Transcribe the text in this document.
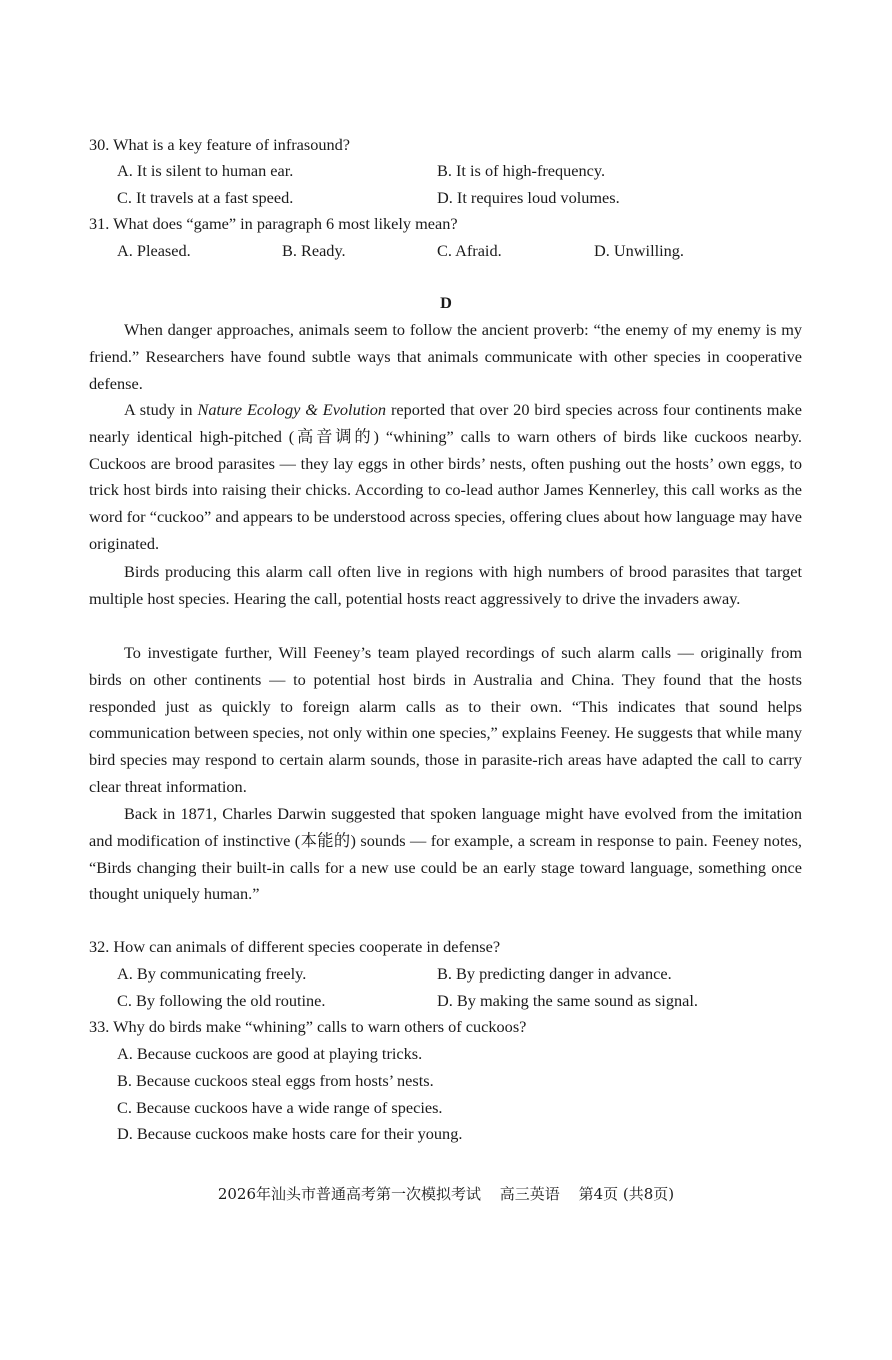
30. What is a key feature of infrasound?
A. It is silent to human ear.	B. It is of high-frequency.
C. It travels at a fast speed.	D. It requires loud volumes.
31. What does “game” in paragraph 6 most likely mean?
A. Pleased.	B. Ready.	C. Afraid.	D. Unwilling.
D
When danger approaches, animals seem to follow the ancient proverb: “the enemy of my enemy is my friend.” Researchers have found subtle ways that animals communicate with other species in cooperative defense.
A study in Nature Ecology & Evolution reported that over 20 bird species across four continents make nearly identical high-pitched (高音调的) “whining” calls to warn others of birds like cuckoos nearby. Cuckoos are brood parasites — they lay eggs in other birds’ nests, often pushing out the hosts’ own eggs, to trick host birds into raising their chicks. According to co-lead author James Kennerley, this call works as the word for “cuckoo” and appears to be understood across species, offering clues about how language may have originated.
Birds producing this alarm call often live in regions with high numbers of brood parasites that target multiple host species. Hearing the call, potential hosts react aggressively to drive the invaders away.
To investigate further, Will Feeney’s team played recordings of such alarm calls — originally from birds on other continents — to potential host birds in Australia and China. They found that the hosts responded just as quickly to foreign alarm calls as to their own. “This indicates that sound helps communication between species, not only within one species,” explains Feeney. He suggests that while many bird species may respond to certain alarm sounds, those in parasite-rich areas have adapted the call to carry clear threat information.
Back in 1871, Charles Darwin suggested that spoken language might have evolved from the imitation and modification of instinctive (本能的) sounds — for example, a scream in response to pain. Feeney notes, “Birds changing their built-in calls for a new use could be an early stage toward language, something once thought uniquely human.”
32. How can animals of different species cooperate in defense?
A. By communicating freely.	B. By predicting danger in advance.
C. By following the old routine.	D. By making the same sound as signal.
33. Why do birds make “whining” calls to warn others of cuckoos?
A. Because cuckoos are good at playing tricks.
B. Because cuckoos steal eggs from hosts’ nests.
C. Because cuckoos have a wide range of species.
D. Because cuckoos make hosts care for their young.
2026年汕头市普通高考第一次模拟考试 高三英语 第4页 (共8页)
